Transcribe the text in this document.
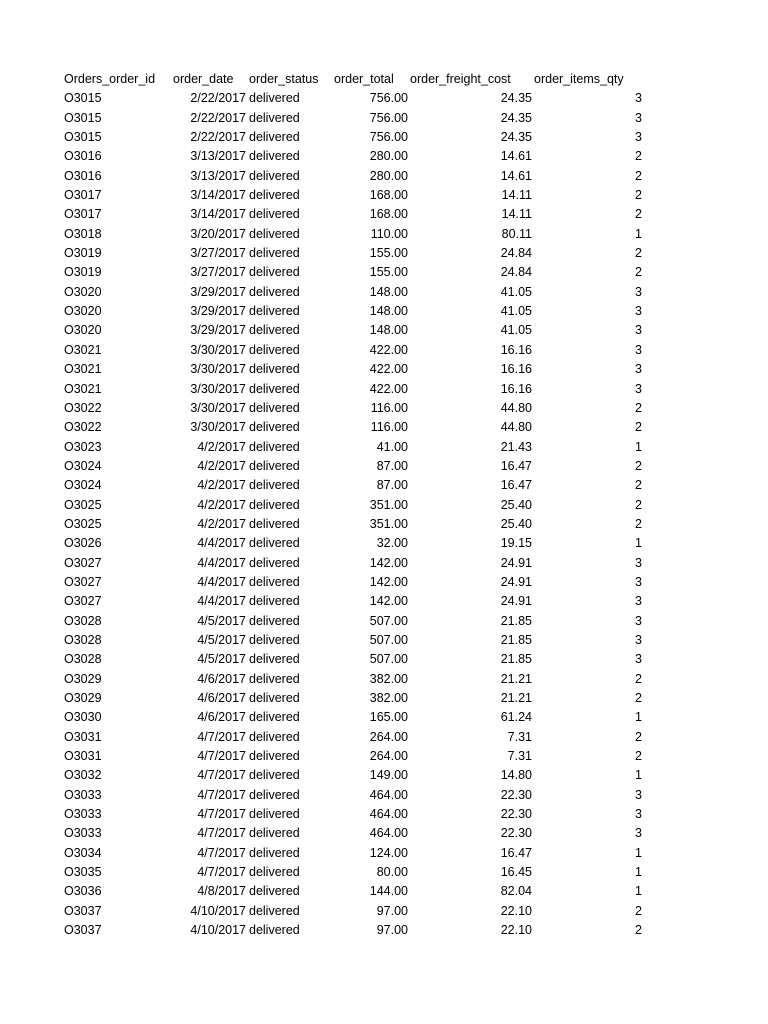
Orders_order_id	order_date	order_status	order_total	order_freight_cost	order_items_qty
O3015	2/22/2017 delivered	756.00	24.35	3
O3015	2/22/2017 delivered	756.00	24.35	3
O3015	2/22/2017 delivered	756.00	24.35	3
O3016	3/13/2017 delivered	280.00	14.61	2
O3016	3/13/2017 delivered	280.00	14.61	2
O3017	3/14/2017 delivered	168.00	14.11	2
O3017	3/14/2017 delivered	168.00	14.11	2
O3018	3/20/2017 delivered	110.00	80.11	1
O3019	3/27/2017 delivered	155.00	24.84	2
O3019	3/27/2017 delivered	155.00	24.84	2
O3020	3/29/2017 delivered	148.00	41.05	3
O3020	3/29/2017 delivered	148.00	41.05	3
O3020	3/29/2017 delivered	148.00	41.05	3
O3021	3/30/2017 delivered	422.00	16.16	3
O3021	3/30/2017 delivered	422.00	16.16	3
O3021	3/30/2017 delivered	422.00	16.16	3
O3022	3/30/2017 delivered	116.00	44.80	2
O3022	3/30/2017 delivered	116.00	44.80	2
O3023	4/2/2017 delivered	41.00	21.43	1
O3024	4/2/2017 delivered	87.00	16.47	2
O3024	4/2/2017 delivered	87.00	16.47	2
O3025	4/2/2017 delivered	351.00	25.40	2
O3025	4/2/2017 delivered	351.00	25.40	2
O3026	4/4/2017 delivered	32.00	19.15	1
O3027	4/4/2017 delivered	142.00	24.91	3
O3027	4/4/2017 delivered	142.00	24.91	3
O3027	4/4/2017 delivered	142.00	24.91	3
O3028	4/5/2017 delivered	507.00	21.85	3
O3028	4/5/2017 delivered	507.00	21.85	3
O3028	4/5/2017 delivered	507.00	21.85	3
O3029	4/6/2017 delivered	382.00	21.21	2
O3029	4/6/2017 delivered	382.00	21.21	2
O3030	4/6/2017 delivered	165.00	61.24	1
O3031	4/7/2017 delivered	264.00	7.31	2
O3031	4/7/2017 delivered	264.00	7.31	2
O3032	4/7/2017 delivered	149.00	14.80	1
O3033	4/7/2017 delivered	464.00	22.30	3
O3033	4/7/2017 delivered	464.00	22.30	3
O3033	4/7/2017 delivered	464.00	22.30	3
O3034	4/7/2017 delivered	124.00	16.47	1
O3035	4/7/2017 delivered	80.00	16.45	1
O3036	4/8/2017 delivered	144.00	82.04	1
O3037	4/10/2017 delivered	97.00	22.10	2
O3037	4/10/2017 delivered	97.00	22.10	2
